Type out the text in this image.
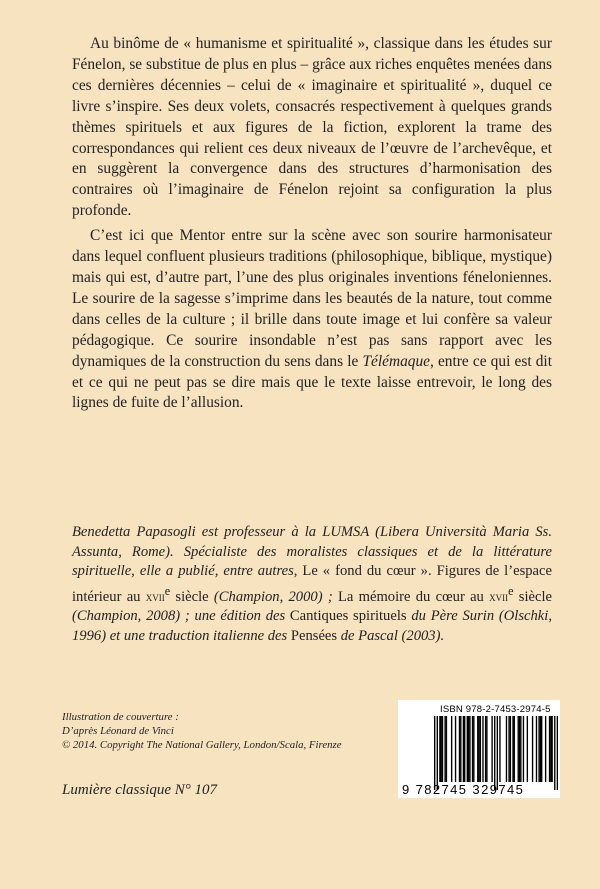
Au binôme de « humanisme et spiritualité », classique dans les études sur Fénelon, se substitue de plus en plus – grâce aux riches enquêtes menées dans ces dernières décennies – celui de « imaginaire et spiritualité », duquel ce livre s’inspire. Ses deux volets, consacrés respectivement à quelques grands thèmes spirituels et aux figures de la fiction, explorent la trame des correspondances qui relient ces deux niveaux de l’œuvre de l’archevêque, et en suggèrent la convergence dans des structures d’harmonisation des contraires où l’imaginaire de Fénelon rejoint sa configuration la plus profonde.

C’est ici que Mentor entre sur la scène avec son sourire harmonisateur dans lequel confluent plusieurs traditions (philosophique, biblique, mystique) mais qui est, d’autre part, l’une des plus originales inventions féneloniennes. Le sourire de la sagesse s’imprime dans les beautés de la nature, tout comme dans celles de la culture ; il brille dans toute image et lui confère sa valeur pédagogique. Ce sourire insondable n’est pas sans rapport avec les dynamiques de la construction du sens dans le Télémaque, entre ce qui est dit et ce qui ne peut pas se dire mais que le texte laisse entrevoir, le long des lignes de fuite de l’allusion.

Benedetta Papasogli est professeur à la LUMSA (Libera Università Maria Ss. Assunta, Rome). Spécialiste des moralistes classiques et de la littérature spirituelle, elle a publié, entre autres, Le « fond du cœur ». Figures de l’espace intérieur au xvii$^e$ siècle (Champion, 2000) ; La mémoire du cœur au xvii$^e$ siècle (Champion, 2008) ; une édition des Cantiques spirituels du Père Surin (Olschki, 1996) et une traduction italienne des Pensées de Pascal (2003).

Illustration de couverture :
D’après Léonard de Vinci
© 2014. Copyright The National Gallery, London/Scala, Firenze
Lumière classique N° 107
ISBN 978-2-7453-2974-5
9 782745 329745
